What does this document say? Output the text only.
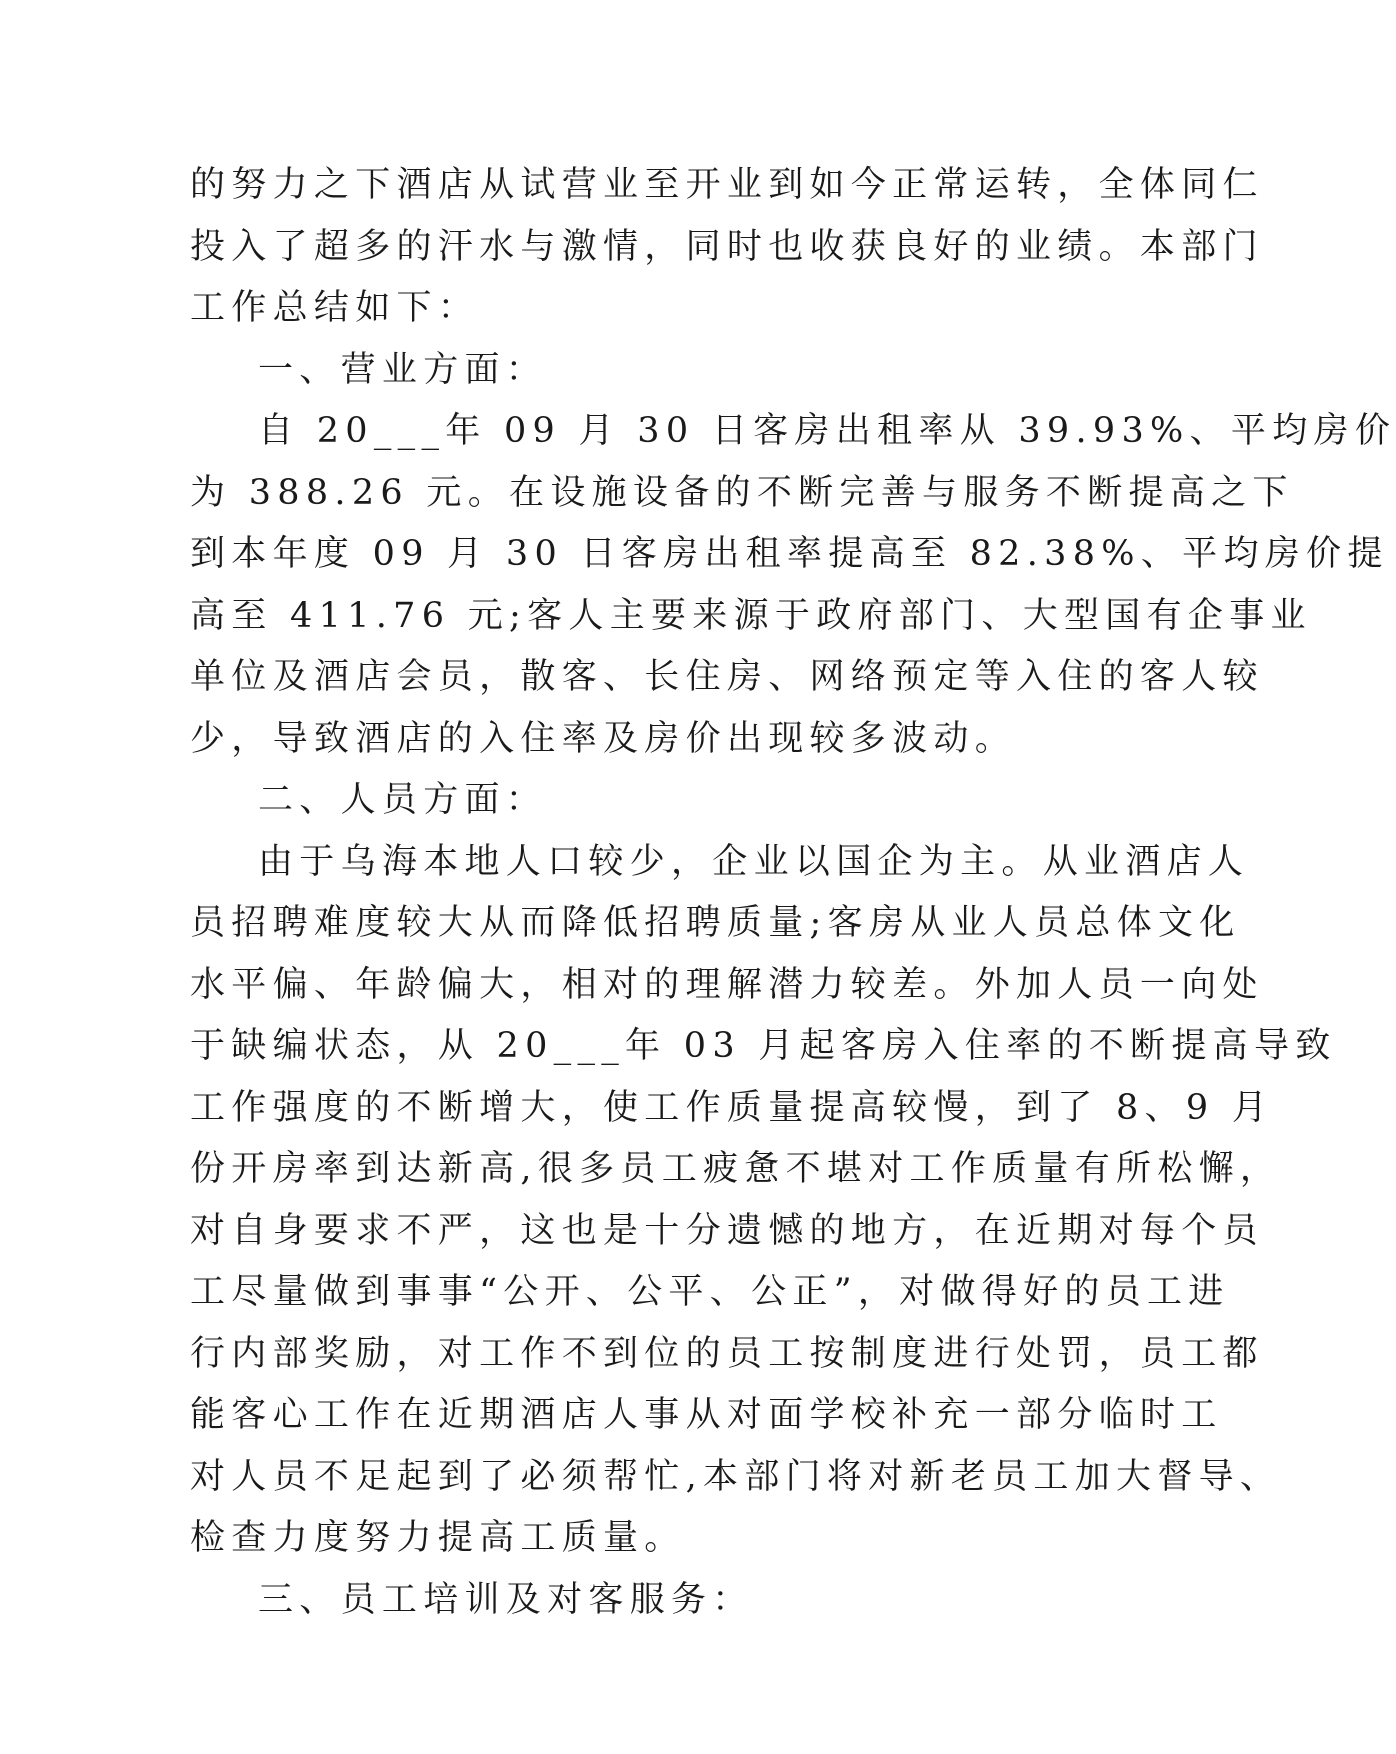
的努力之下酒店从试营业至开业到如今正常运转，全体同仁
投入了超多的汗水与激情，同时也收获良好的业绩。本部门
工作总结如下：
一、营业方面：
自 20___年 09 月 30 日客房出租率从 39.93%、平均房价
为 388.26 元。在设施设备的不断完善与服务不断提高之下
到本年度 09 月 30 日客房出租率提高至 82.38%、平均房价提
高至 411.76 元;客人主要来源于政府部门、大型国有企事业
单位及酒店会员，散客、长住房、网络预定等入住的客人较
少，导致酒店的入住率及房价出现较多波动。
二、人员方面：
由于乌海本地人口较少，企业以国企为主。从业酒店人
员招聘难度较大从而降低招聘质量;客房从业人员总体文化
水平偏、年龄偏大，相对的理解潜力较差。外加人员一向处
于缺编状态，从 20___年 03 月起客房入住率的不断提高导致
工作强度的不断增大，使工作质量提高较慢，到了 8、9 月
份开房率到达新高,很多员工疲惫不堪对工作质量有所松懈，
对自身要求不严，这也是十分遗憾的地方，在近期对每个员
工尽量做到事事“公开、公平、公正”，对做得好的员工进
行内部奖励，对工作不到位的员工按制度进行处罚，员工都
能客心工作在近期酒店人事从对面学校补充一部分临时工
对人员不足起到了必须帮忙,本部门将对新老员工加大督导、
检查力度努力提高工质量。
三、员工培训及对客服务：
